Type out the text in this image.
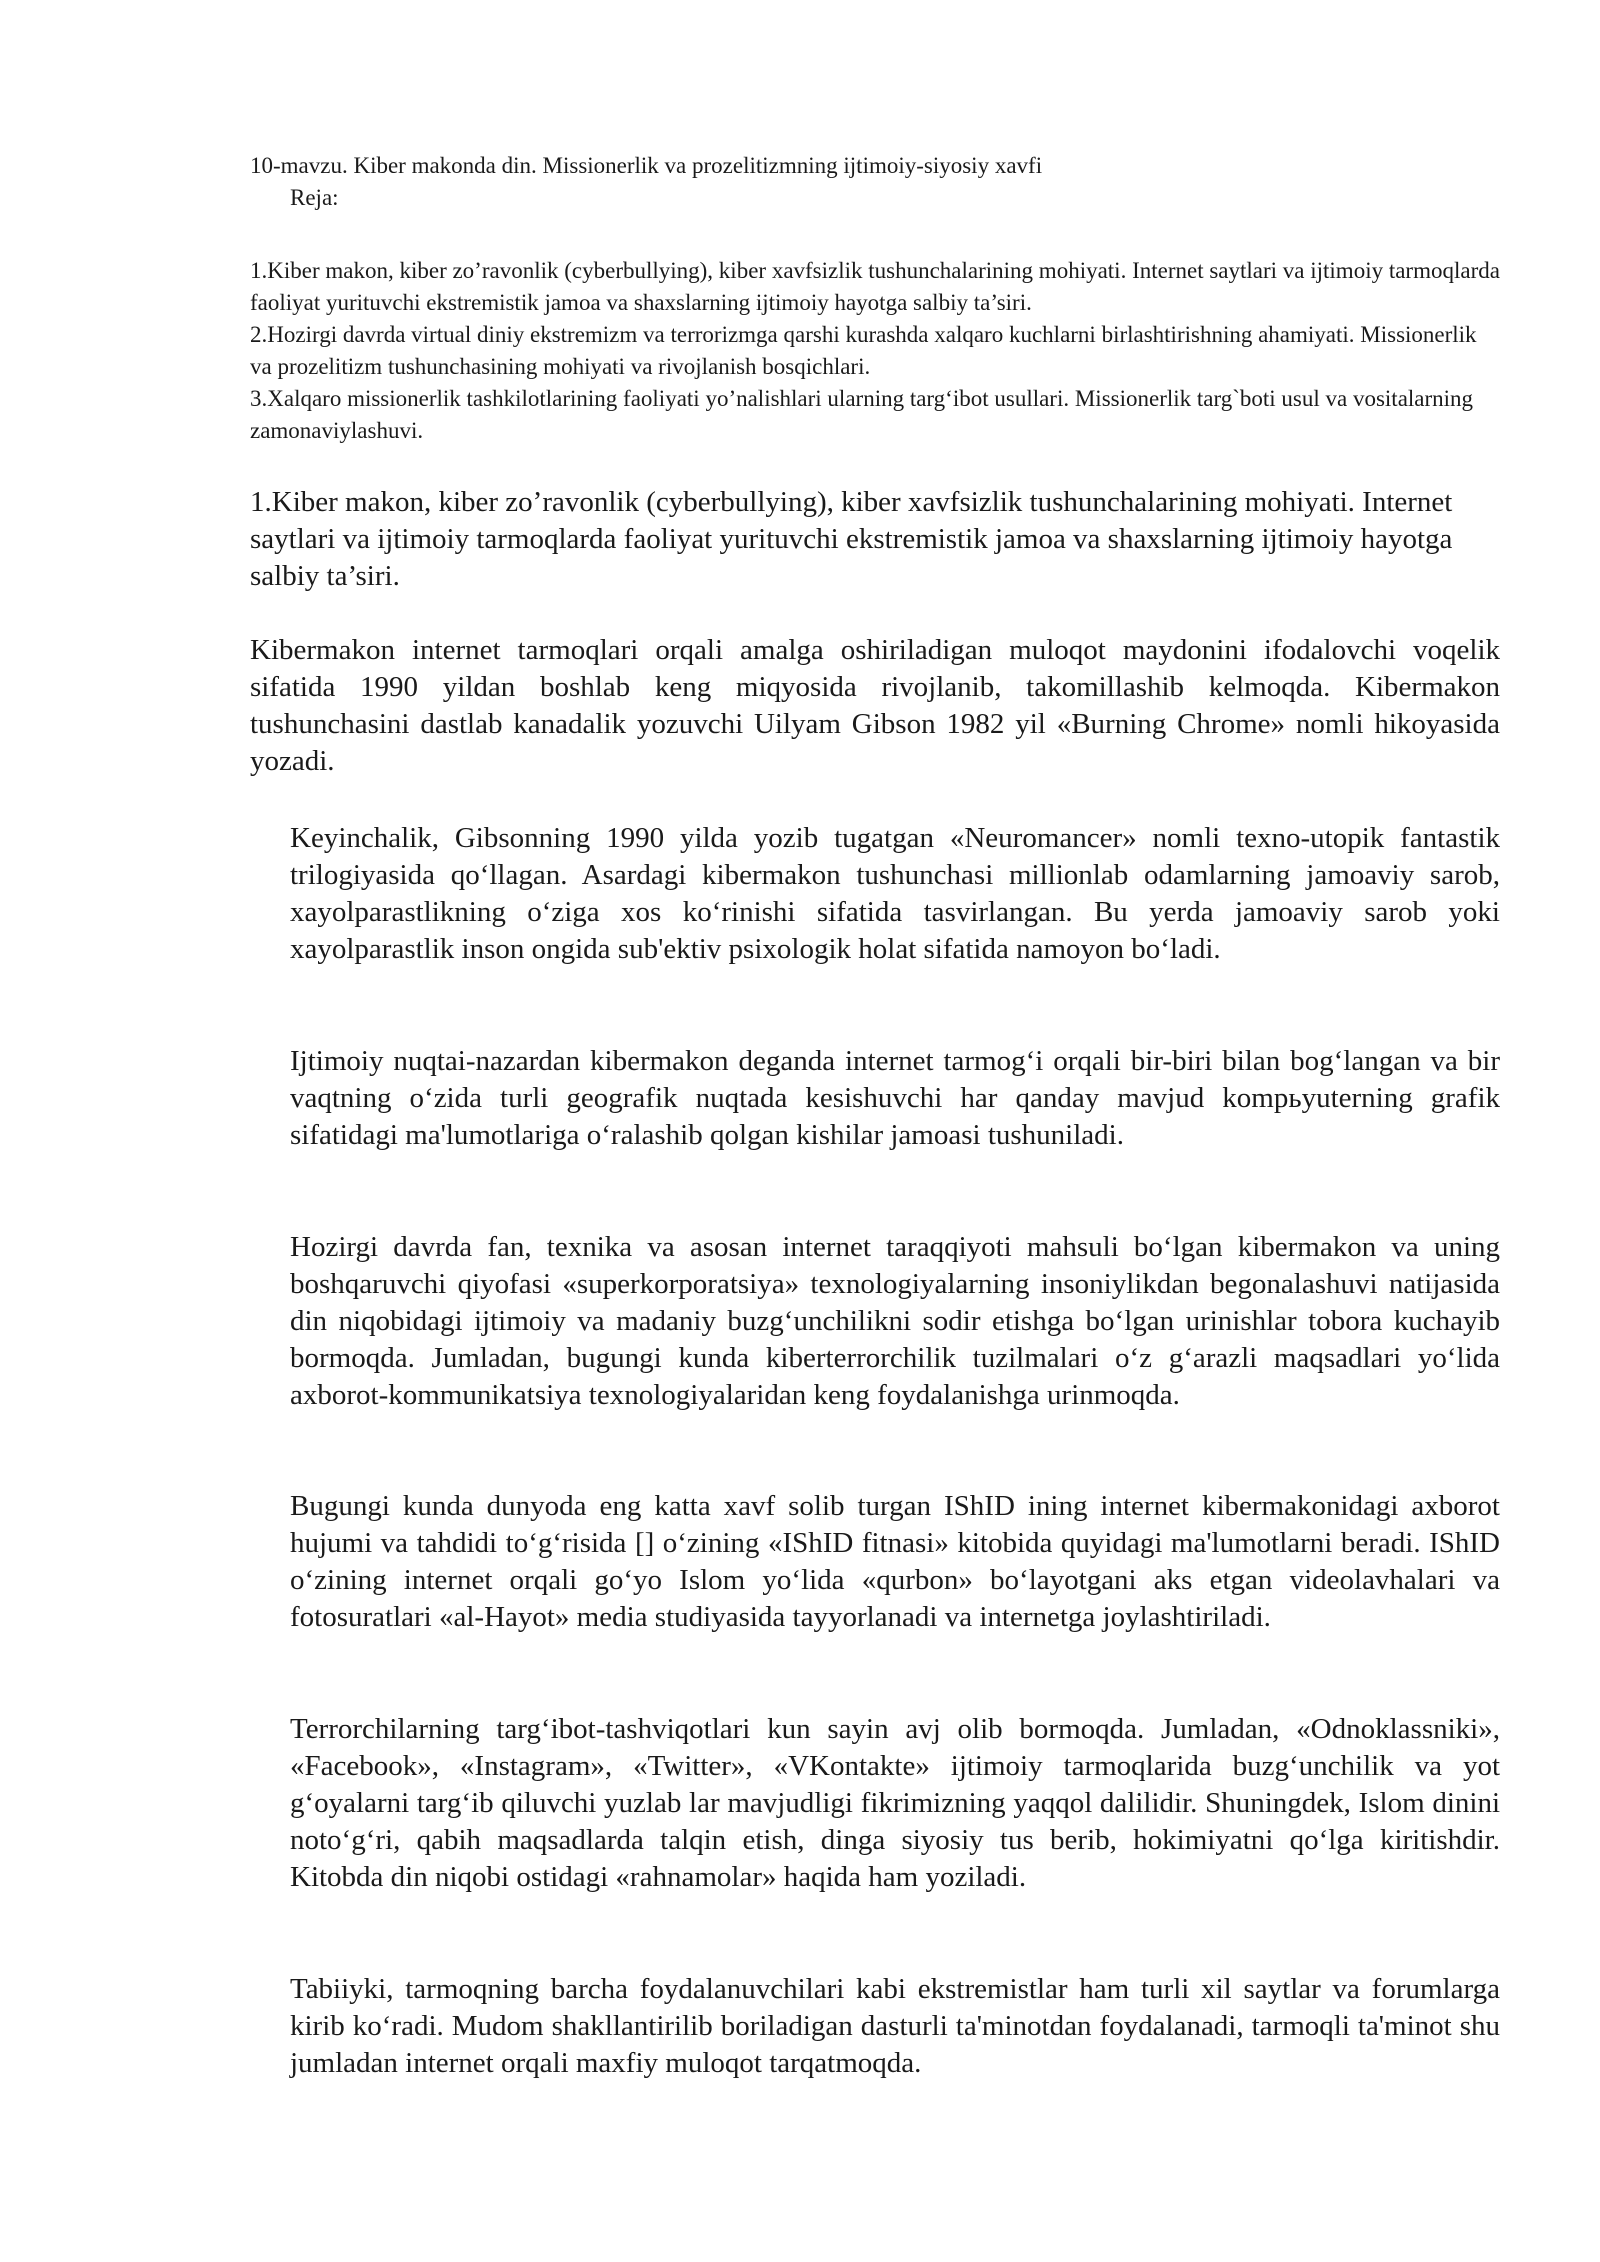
10-mavzu. Kiber makonda din. Missionerlik va prozelitizmning ijtimoiy-siyosiy xavfi
Reja:

1.Kiber makon, kiber zo’ravonlik (cyberbullying), kiber xavfsizlik tushunchalarining mohiyati. Internet saytlari va ijtimoiy tarmoqlarda faoliyat yurituvchi ekstremistik jamoa va shaxslarning ijtimoiy hayotga salbiy ta’siri.

2.Hozirgi davrda virtual diniy ekstremizm va terrorizmga qarshi kurashda xalqaro kuchlarni birlashtirishning ahamiyati. Missionerlik va prozelitizm tushunchasining mohiyati va rivojlanish bosqichlari.

3.Xalqaro missionerlik tashkilotlarining faoliyati yo’nalishlari ularning targ‘ibot usullari. Missionerlik targ`boti usul va vositalarning zamonaviylashuvi.

1.Kiber makon, kiber zo’ravonlik (cyberbullying), kiber xavfsizlik tushunchalarining mohiyati. Internet saytlari va ijtimoiy tarmoqlarda faoliyat yurituvchi ekstremistik jamoa va shaxslarning ijtimoiy hayotga salbiy ta’siri.

Kibermakon internet tarmoqlari orqali amalga oshiriladigan muloqot maydonini ifodalovchi voqelik sifatida 1990 yildan boshlab keng miqyosida rivojlanib, takomillashib kelmoqda. Kibermakon tushunchasini dastlab kanadalik yozuvchi Uilyam Gibson 1982 yil «Burning Chrome» nomli hikoyasida yozadi.

Keyinchalik, Gibsonning 1990 yilda yozib tugatgan «Neuromancer» nomli texno-utopik fantastik trilogiyasida qo‘llagan. Asardagi kibermakon tushunchasi millionlab odamlarning jamoaviy sarob, xayolparastlikning o‘ziga xos ko‘rinishi sifatida tasvirlangan. Bu yerda jamoaviy sarob yoki xayolparastlik inson ongida sub'ektiv psixologik holat sifatida namoyon bo‘ladi.

Ijtimoiy nuqtai-nazardan kibermakon deganda internet tarmog‘i orqali bir-biri bilan bog‘langan va bir vaqtning o‘zida turli geografik nuqtada kesishuvchi har qanday mavjud kompьyuterning grafik sifatidagi ma'lumotlariga o‘ralashib qolgan kishilar jamoasi tushuniladi.

Hozirgi davrda fan, texnika va asosan internet taraqqiyoti mahsuli bo‘lgan kibermakon va uning boshqaruvchi qiyofasi «superkorporatsiya» texnologiyalarning insoniylikdan begonalashuvi natijasida din niqobidagi ijtimoiy va madaniy buzg‘unchilikni sodir etishga bo‘lgan urinishlar tobora kuchayib bormoqda. Jumladan, bugungi kunda kiberterrorchilik tuzilmalari o‘z g‘arazli maqsadlari yo‘lida axborot-kommunikatsiya texnologiyalaridan keng foydalanishga urinmoqda.

Bugungi kunda dunyoda eng katta xavf solib turgan IShID ining internet kibermakonidagi axborot hujumi va tahdidi to‘g‘risida [] o‘zining «IShID fitnasi» kitobida quyidagi ma'lumotlarni beradi. IShID o‘zining internet orqali go‘yo Islom yo‘lida «qurbon» bo‘layotgani aks etgan videolavhalari va fotosuratlari «al-Hayot» media studiyasida tayyorlanadi va internetga joylashtiriladi.

Terrorchilarning targ‘ibot-tashviqotlari kun sayin avj olib bormoqda. Jumladan, «Odnoklassniki», «Facebook», «Instagram», «Twitter», «VKontakte» ijtimoiy tarmoqlarida buzg‘unchilik va yot g‘oyalarni targ‘ib qiluvchi yuzlab lar mavjudligi fikrimizning yaqqol dalilidir. Shuningdek, Islom dinini noto‘g‘ri, qabih maqsadlarda talqin etish, dinga siyosiy tus berib, hokimiyatni qo‘lga kiritishdir. Kitobda din niqobi ostidagi «rahnamolar» haqida ham yoziladi.

Tabiiyki, tarmoqning barcha foydalanuvchilari kabi ekstremistlar ham turli xil saytlar va forumlarga kirib ko‘radi. Mudom shakllantirilib boriladigan dasturli ta'minotdan foydalanadi, tarmoqli ta'minot shu jumladan internet orqali maxfiy muloqot tarqatmoqda.
